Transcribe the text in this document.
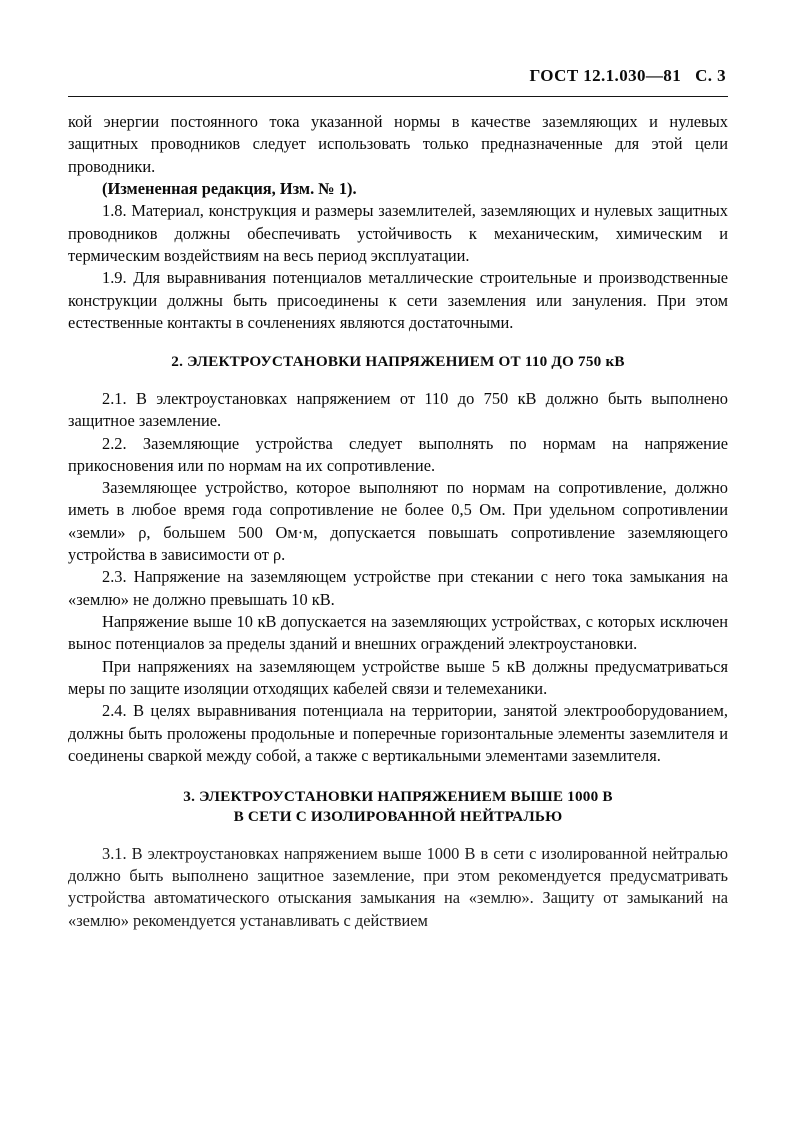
ГОСТ 12.1.030—81 С. 3

кой энергии постоянного тока указанной нормы в качестве заземляющих и нулевых защитных проводников следует использовать только предназначенные для этой цели проводники.

(Измененная редакция, Изм. № 1).

1.8. Материал, конструкция и размеры заземлителей, заземляющих и нулевых защитных проводников должны обеспечивать устойчивость к механическим, химическим и термическим воздействиям на весь период эксплуатации.

1.9. Для выравнивания потенциалов металлические строительные и производственные конструкции должны быть присоединены к сети заземления или зануления. При этом естественные контакты в сочленениях являются достаточными.

2. ЭЛЕКТРОУСТАНОВКИ НАПРЯЖЕНИЕМ ОТ 110 ДО 750 кВ

2.1. В электроустановках напряжением от 110 до 750 кВ должно быть выполнено защитное заземление.

2.2. Заземляющие устройства следует выполнять по нормам на напряжение прикосновения или по нормам на их сопротивление.

Заземляющее устройство, которое выполняют по нормам на сопротивление, должно иметь в любое время года сопротивление не более 0,5 Ом. При удельном сопротивлении «земли» ρ, большем 500 Ом·м, допускается повышать сопротивление заземляющего устройства в зависимости от ρ.

2.3. Напряжение на заземляющем устройстве при стекании с него тока замыкания на «землю» не должно превышать 10 кВ.

Напряжение выше 10 кВ допускается на заземляющих устройствах, с которых исключен вынос потенциалов за пределы зданий и внешних ограждений электроустановки.

При напряжениях на заземляющем устройстве выше 5 кВ должны предусматриваться меры по защите изоляции отходящих кабелей связи и телемеханики.

2.4. В целях выравнивания потенциала на территории, занятой электрооборудованием, должны быть проложены продольные и поперечные горизонтальные элементы заземлителя и соединены сваркой между собой, а также с вертикальными элементами заземлителя.

3. ЭЛЕКТРОУСТАНОВКИ НАПРЯЖЕНИЕМ ВЫШЕ 1000 В
В СЕТИ С ИЗОЛИРОВАННОЙ НЕЙТРАЛЬЮ

3.1. В электроустановках напряжением выше 1000 В в сети с изолированной нейтралью должно быть выполнено защитное заземление, при этом рекомендуется предусматривать устройства автоматического отыскания замыкания на «землю». Защиту от замыканий на «землю» рекомендуется устанавливать с действием
